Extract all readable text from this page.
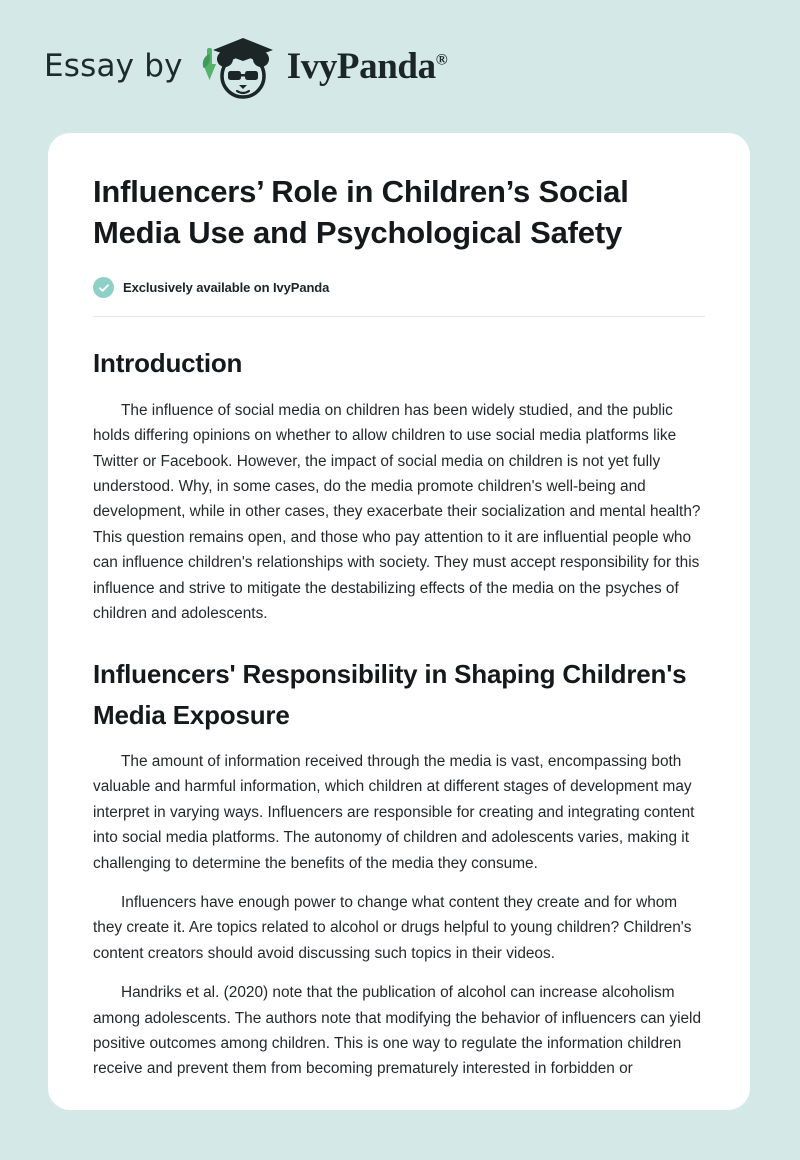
Essay by	IvyPanda®
Influencers’ Role in Children’s Social Media Use and Psychological Safety
Exclusively available on IvyPanda
Introduction

The influence of social media on children has been widely studied, and the public holds differing opinions on whether to allow children to use social media platforms like Twitter or Facebook. However, the impact of social media on children is not yet fully understood. Why, in some cases, do the media promote children's well-being and development, while in other cases, they exacerbate their socialization and mental health? This question remains open, and those who pay attention to it are influential people who can influence children's relationships with society. They must accept responsibility for this influence and strive to mitigate the destabilizing effects of the media on the psyches of children and adolescents.

Influencers' Responsibility in Shaping Children's Media Exposure

The amount of information received through the media is vast, encompassing both valuable and harmful information, which children at different stages of development may interpret in varying ways. Influencers are responsible for creating and integrating content into social media platforms. The autonomy of children and adolescents varies, making it challenging to determine the benefits of the media they consume.

Influencers have enough power to change what content they create and for whom they create it. Are topics related to alcohol or drugs helpful to young children? Children's content creators should avoid discussing such topics in their videos.

Handriks et al. (2020) note that the publication of alcohol can increase alcoholism among adolescents. The authors note that modifying the behavior of influencers can yield positive outcomes among children. This is one way to regulate the information children receive and prevent them from becoming prematurely interested in forbidden or
